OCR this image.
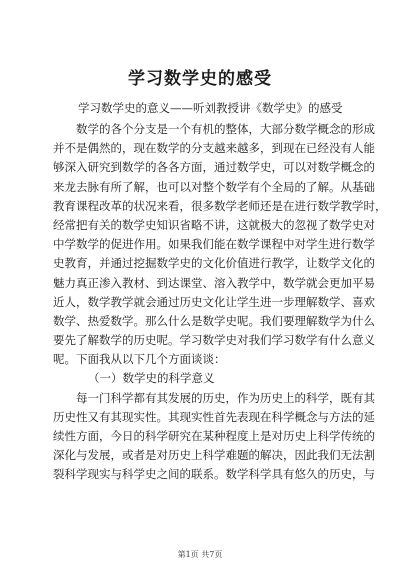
学习数学史的感受
学习数学史的意义——听刘教授讲《数学史》的感受
数学的各个分支是一个有机的整体，大部分数学概念的形成
并不是偶然的，现在数学的分支越来越多，到现在已经没有人能
够深入研究到数学的各各方面，通过数学史，可以对数学概念的
来龙去脉有所了解，也可以对整个数学有个全局的了解。从基础
教育课程改革的状况来看，很多数学老师还是在进行数学教学时，
经常把有关的数学史知识省略不讲，这就极大的忽视了数学史对
中学数学的促进作用。如果我们能在数学课程中对学生进行数学
史教育，并通过挖掘数学史的文化价值进行教学，让数学文化的
魅力真正渗入教材、到达课堂、溶入教学中，数学就会更加平易
近人，数学教学就会通过历史文化让学生进一步理解数学、喜欢
数学、热爱数学。那么什么是数学史呢。我们要理解数学为什么
要先了解数学的历史呢。学习数学史对我们学习数学有什么意义
呢。下面我从以下几个方面谈谈：
（一）数学史的科学意义
每一门科学都有其发展的历史，作为历史上的科学，既有其
历史性又有其现实性。其现实性首先表现在科学概念与方法的延
续性方面，今日的科学研究在某种程度上是对历史上科学传统的
深化与发展，或者是对历史上科学难题的解决，因此我们无法割
裂科学现实与科学史之间的联系。数学科学具有悠久的历史，与
第1页 共7页
